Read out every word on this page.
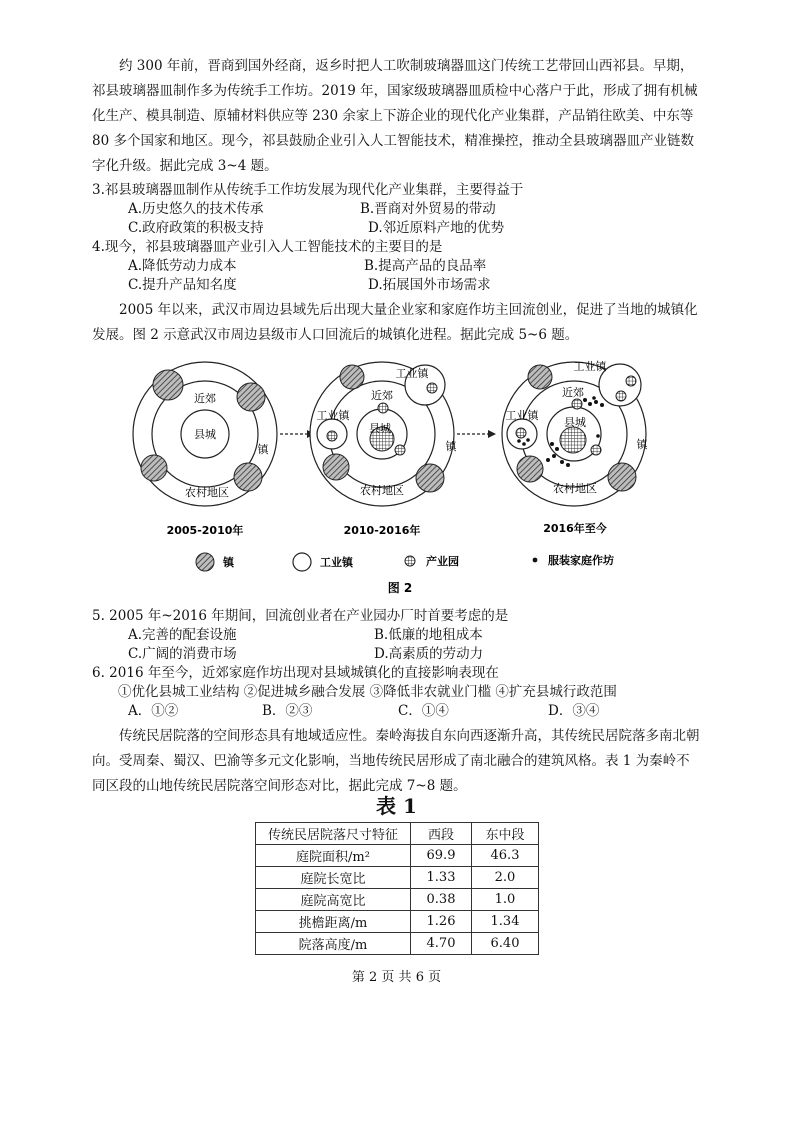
约 300 年前，晋商到国外经商，返乡时把人工吹制玻璃器皿这门传统工艺带回山西祁县。早期，祁县玻璃器皿制作多为传统手工作坊。2019 年，国家级玻璃器皿质检中心落户于此，形成了拥有机械化生产、模具制造、原辅材料供应等 230 余家上下游企业的现代化产业集群，产品销往欧美、中东等 80 多个国家和地区。现今，祁县鼓励企业引入人工智能技术，精准操控，推动全县玻璃器皿产业链数字化升级。据此完成 3~4 题。
3.祁县玻璃器皿制作从传统手工作坊发展为现代化产业集群，主要得益于
A.历史悠久的技术传承	B.晋商对外贸易的带动
C.政府政策的积极支持	D.邻近原料产地的优势
4.现今，祁县玻璃器皿产业引入人工智能技术的主要目的是
A.降低劳动力成本	B.提高产品的良品率
C.提升产品知名度	D.拓展国外市场需求
2005 年以来，武汉市周边县域先后出现大量企业家和家庭作坊主回流创业，促进了当地的城镇化发展。图 2 示意武汉市周边县级市人口回流后的城镇化进程。据此完成 5~6 题。
近郊
县城
镇
农村地区
2005-2010年
工业镇
工业镇
近郊
县城
镇
农村地区
2010-2016年
工业镇
工业镇
近郊
县城
镇
农村地区
2016年至今
镇	工业镇	产业园	服装家庭作坊
图 2
5. 2005 年~2016 年期间，回流创业者在产业园办厂时首要考虑的是
A.完善的配套设施	B.低廉的地租成本
C.广阔的消费市场	D.高素质的劳动力
6. 2016 年至今，近郊家庭作坊出现对县域城镇化的直接影响表现在
①优化县城工业结构 ②促进城乡融合发展 ③降低非农就业门槛 ④扩充县城行政范围
A．①②	B．②③	C．①④	D．③④
传统民居院落的空间形态具有地域适应性。秦岭海拔自东向西逐渐升高，其传统民居院落多南北朝向。受周秦、蜀汉、巴渝等多元文化影响，当地传统民居形成了南北融合的建筑风格。表 1 为秦岭不同区段的山地传统民居院落空间形态对比，据此完成 7~8 题。
表 1
传统民居院落尺寸特征	西段	东中段
庭院面积/m²	69.9	46.3
庭院长宽比	1.33	2.0
庭院高宽比	0.38	1.0
挑檐距离/m	1.26	1.34
院落高度/m	4.70	6.40
第 2 页 共 6 页
